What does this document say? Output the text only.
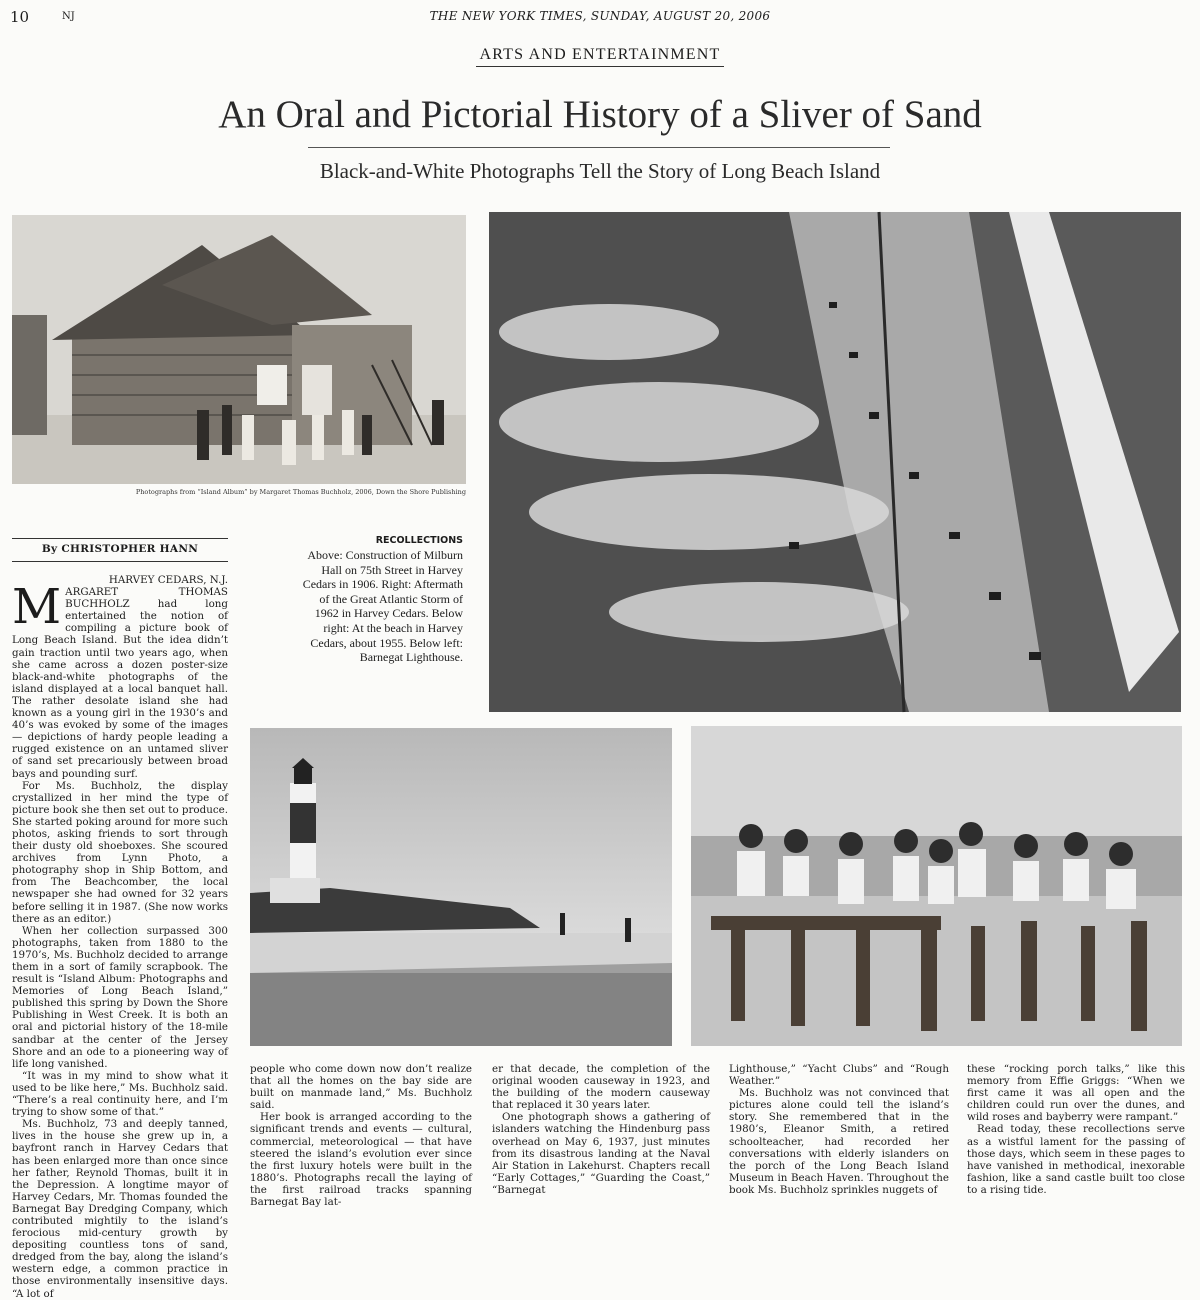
10	NJ	THE NEW YORK TIMES, SUNDAY, AUGUST 20, 2006
ARTS AND ENTERTAINMENT
An Oral and Pictorial History of a Sliver of Sand
Black-and-White Photographs Tell the Story of Long Beach Island
Photographs from “Island Album” by Margaret Thomas Buchholz, 2006, Down the Shore Publishing
By CHRISTOPHER HANN
RECOLLECTIONS
Above: Construction of Milburn Hall on 75th Street in Harvey Cedars in 1906. Right: Aftermath of the Great Atlantic Storm of 1962 in Harvey Cedars. Below right: At the beach in Harvey Cedars, about 1955. Below left: Barnegat Lighthouse.
HARVEY CEDARS, N.J.

MARGARET THOMAS BUCHHOLZ had long entertained the notion of compiling a picture book of Long Beach Island. But the idea didn’t gain traction until two years ago, when she came across a dozen poster-size black-and-white photographs of the island displayed at a local banquet hall. The rather desolate island she had known as a young girl in the 1930’s and 40’s was evoked by some of the images — depictions of hardy people leading a rugged existence on an untamed sliver of sand set precariously between broad bays and pounding surf.

For Ms. Buchholz, the display crystallized in her mind the type of picture book she then set out to produce. She started poking around for more such photos, asking friends to sort through their dusty old shoeboxes. She scoured archives from Lynn Photo, a photography shop in Ship Bottom, and from The Beachcomber, the local newspaper she had owned for 32 years before selling it in 1987. (She now works there as an editor.)

When her collection surpassed 300 photographs, taken from 1880 to the 1970’s, Ms. Buchholz decided to arrange them in a sort of family scrapbook. The result is “Island Album: Photographs and Memories of Long Beach Island,” published this spring by Down the Shore Publishing in West Creek. It is both an oral and pictorial history of the 18-mile sandbar at the center of the Jersey Shore and an ode to a pioneering way of life long vanished.

“It was in my mind to show what it used to be like here,” Ms. Buchholz said. “There’s a real continuity here, and I’m trying to show some of that.”

Ms. Buchholz, 73 and deeply tanned, lives in the house she grew up in, a bayfront ranch in Harvey Cedars that has been enlarged more than once since her father, Reynold Thomas, built it in the Depression. A longtime mayor of Harvey Cedars, Mr. Thomas founded the Barnegat Bay Dredging Company, which contributed mightily to the island’s ferocious mid-century growth by depositing countless tons of sand, dredged from the bay, along the island’s western edge, a common practice in those environmentally insensitive days. “A lot of

people who come down now don’t realize that all the homes on the bay side are built on manmade land,” Ms. Buchholz said.

Her book is arranged according to the significant trends and events — cultural, commercial, meteorological — that have steered the island’s evolution ever since the first luxury hotels were built in the 1880’s. Photographs recall the laying of the first railroad tracks spanning Barnegat Bay lat-

er that decade, the completion of the original wooden causeway in 1923, and the building of the modern causeway that replaced it 30 years later.

One photograph shows a gathering of islanders watching the Hindenburg pass overhead on May 6, 1937, just minutes from its disastrous landing at the Naval Air Station in Lakehurst. Chapters recall “Early Cottages,” “Guarding the Coast,” “Barnegat

Lighthouse,” “Yacht Clubs” and “Rough Weather.”

Ms. Buchholz was not convinced that pictures alone could tell the island’s story. She remembered that in the 1980’s, Eleanor Smith, a retired schoolteacher, had recorded her conversations with elderly islanders on the porch of the Long Beach Island Museum in Beach Haven. Throughout the book Ms. Buchholz sprinkles nuggets of

these “rocking porch talks,” like this memory from Effie Griggs: “When we first came it was all open and the children could run over the dunes, and wild roses and bayberry were rampant.”

Read today, these recollections serve as a wistful lament for the passing of those days, which seem in these pages to have vanished in methodical, inexorable fashion, like a sand castle built too close to a rising tide.
